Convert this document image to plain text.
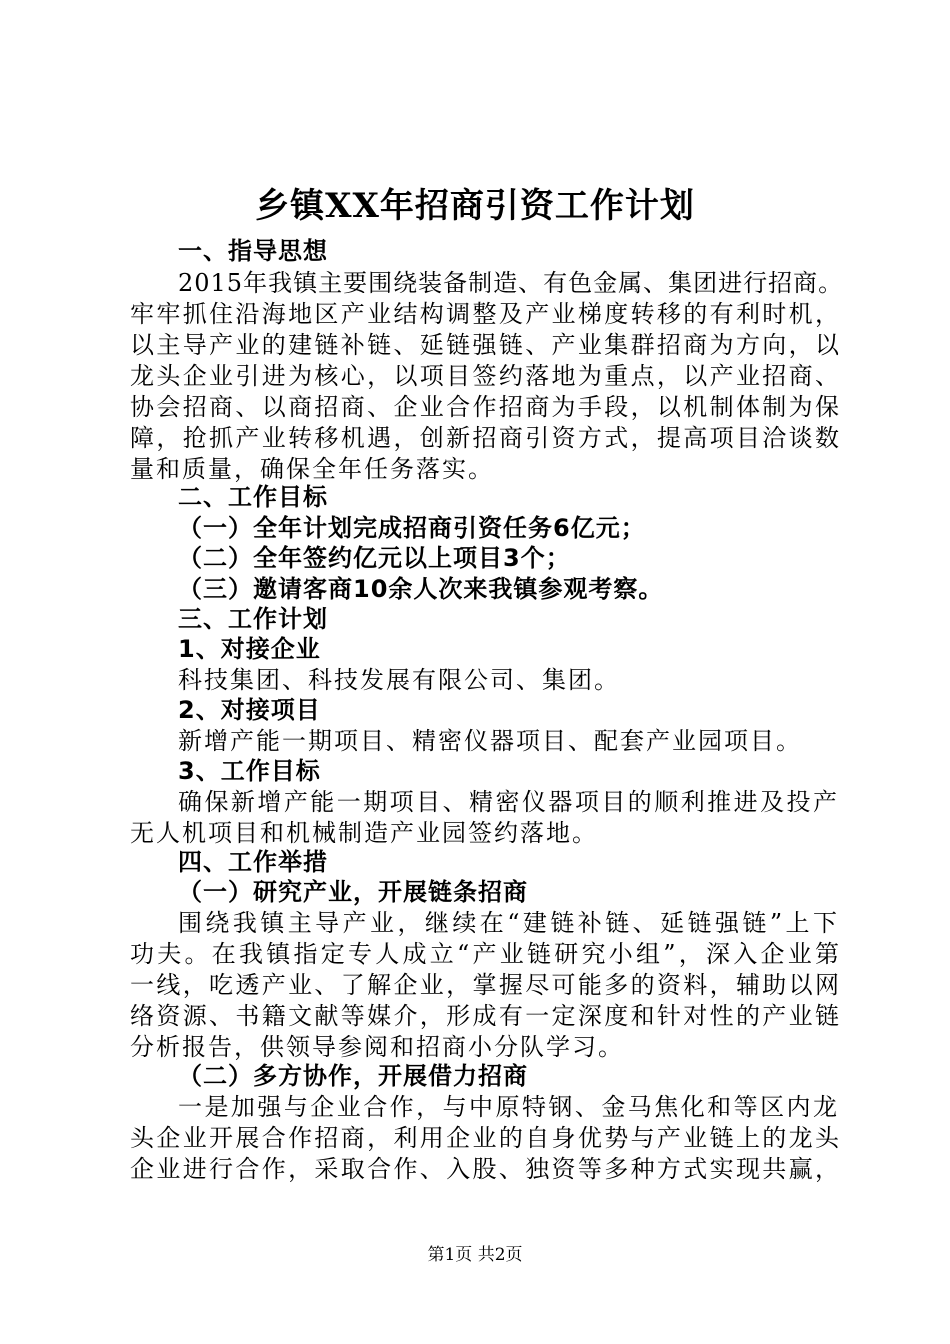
乡镇XX年招商引资工作计划
一、指导思想
2015年我镇主要围绕装备制造、有色金属、集团进行招商。
牢牢抓住沿海地区产业结构调整及产业梯度转移的有利时机，
以主导产业的建链补链、延链强链、产业集群招商为方向，以
龙头企业引进为核心，以项目签约落地为重点，以产业招商、
协会招商、以商招商、企业合作招商为手段，以机制体制为保
障，抢抓产业转移机遇，创新招商引资方式，提高项目洽谈数
量和质量，确保全年任务落实。
二、工作目标
（一）全年计划完成招商引资任务6亿元；
（二）全年签约亿元以上项目3个；
（三）邀请客商10余人次来我镇参观考察。
三、工作计划
1、对接企业
科技集团、科技发展有限公司、集团。
2、对接项目
新增产能一期项目、精密仪器项目、配套产业园项目。
3、工作目标
确保新增产能一期项目、精密仪器项目的顺利推进及投产
无人机项目和机械制造产业园签约落地。
四、工作举措
（一）研究产业，开展链条招商
围绕我镇主导产业，继续在“建链补链、延链强链”上下
功夫。在我镇指定专人成立“产业链研究小组”，深入企业第
一线，吃透产业、了解企业，掌握尽可能多的资料，辅助以网
络资源、书籍文献等媒介，形成有一定深度和针对性的产业链
分析报告，供领导参阅和招商小分队学习。
（二）多方协作，开展借力招商
一是加强与企业合作，与中原特钢、金马焦化和等区内龙
头企业开展合作招商，利用企业的自身优势与产业链上的龙头
企业进行合作，采取合作、入股、独资等多种方式实现共赢，
第1页 共2页
